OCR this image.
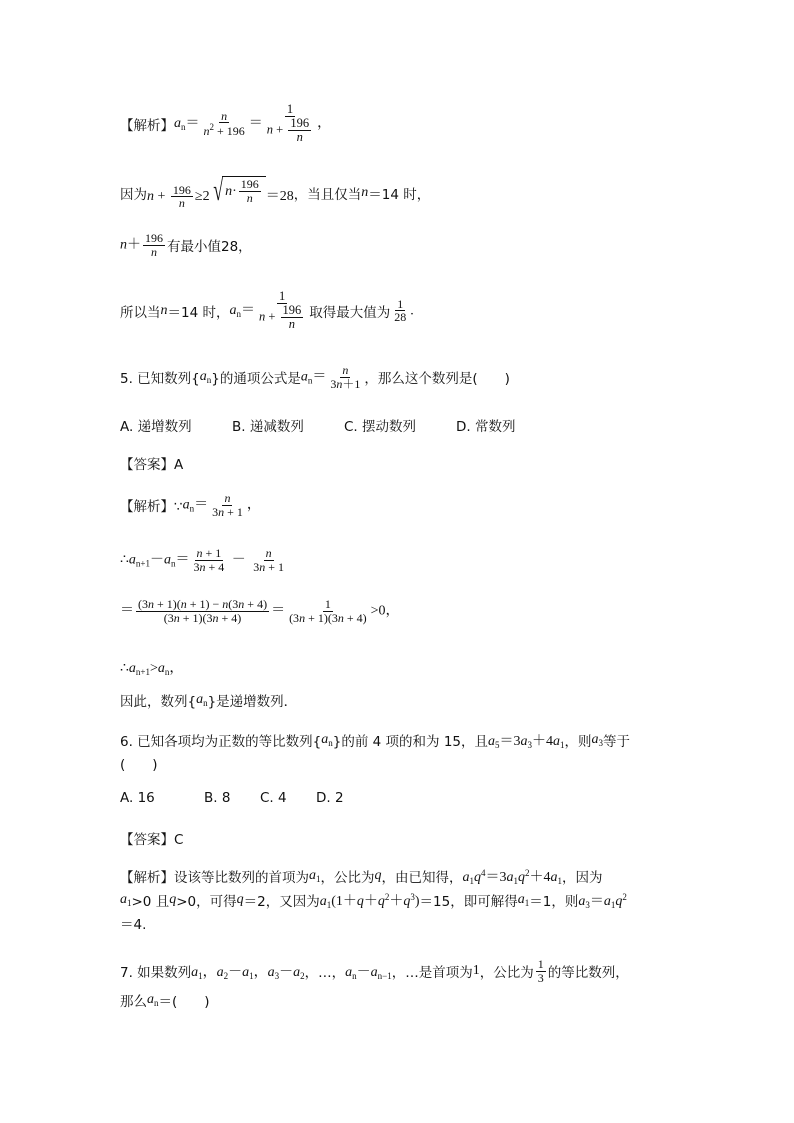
【解析】 $a_n= \frac{n}{n^2 + 196} = \frac{1}{n + \frac{196}{n}}$ ，
因为 $n + \frac{196}{n} \ge 2$ √ $n \cdot \frac{196}{n} =28$ ，当且仅当 n ＝14 时，
$n+ \frac{196}{n}$ 有最小值28，
所以当 n ＝14 时， $a_n= \frac{1}{n + \frac{196}{n}}$ 取得最大值为 $\frac{1}{28}$ .
5. 已知数列{ $a_n$ }的通项公式是 $a_n= \frac{n}{3n+1}$ ，那么这个数列是(　　)
A. 递增数列	B. 递减数列	C. 摆动数列	D. 常数列
【答案】A
【解析】∵ $a_n= \frac{n}{3n + 1}$ ，
$\therefore a_{n+1}-a_n= \frac{n + 1}{3n + 4} - \frac{n}{3n + 1}$
＝ $\frac{(3n + 1)(n + 1) - n(3n + 4)}{(3n + 1)(3n + 4)} = \frac{1}{(3n + 1)(3n + 4)} >0$，
$\therefore a_{n+1}>a_n$，
因此，数列{ $a_n$ }是递增数列．
6. 已知各项均为正数的等比数列{ $a_n$ }的前 4 项的和为 15，且 $a_5=3a_3+4a_1$ ，则 $a_3$ 等于
(　　)
A. 16	B. 8	C. 4	D. 2
【答案】C
【解析】设该等比数列的首项为 $a_1$ ，公比为 q ，由已知得， $a_1q^4=3a_1q^2+4a_1$ ，因为
$a_1 >0$ 且 q >0，可得 q ＝2，又因为 $a_1(1+q+q^2+q^3) =15$，即可解得 $a_1 =1$，则 $a_3=a_1q^2$
＝4.
7. 如果数列 $a_1$，$a_2-a_1$，$a_3-a_2$ ，…， $a_n-a_{n-1}$ ，…是首项为 1 ，公比为 $\frac{1}{3}$ 的等比数列，
那么 $a_n$ ＝(　　)
